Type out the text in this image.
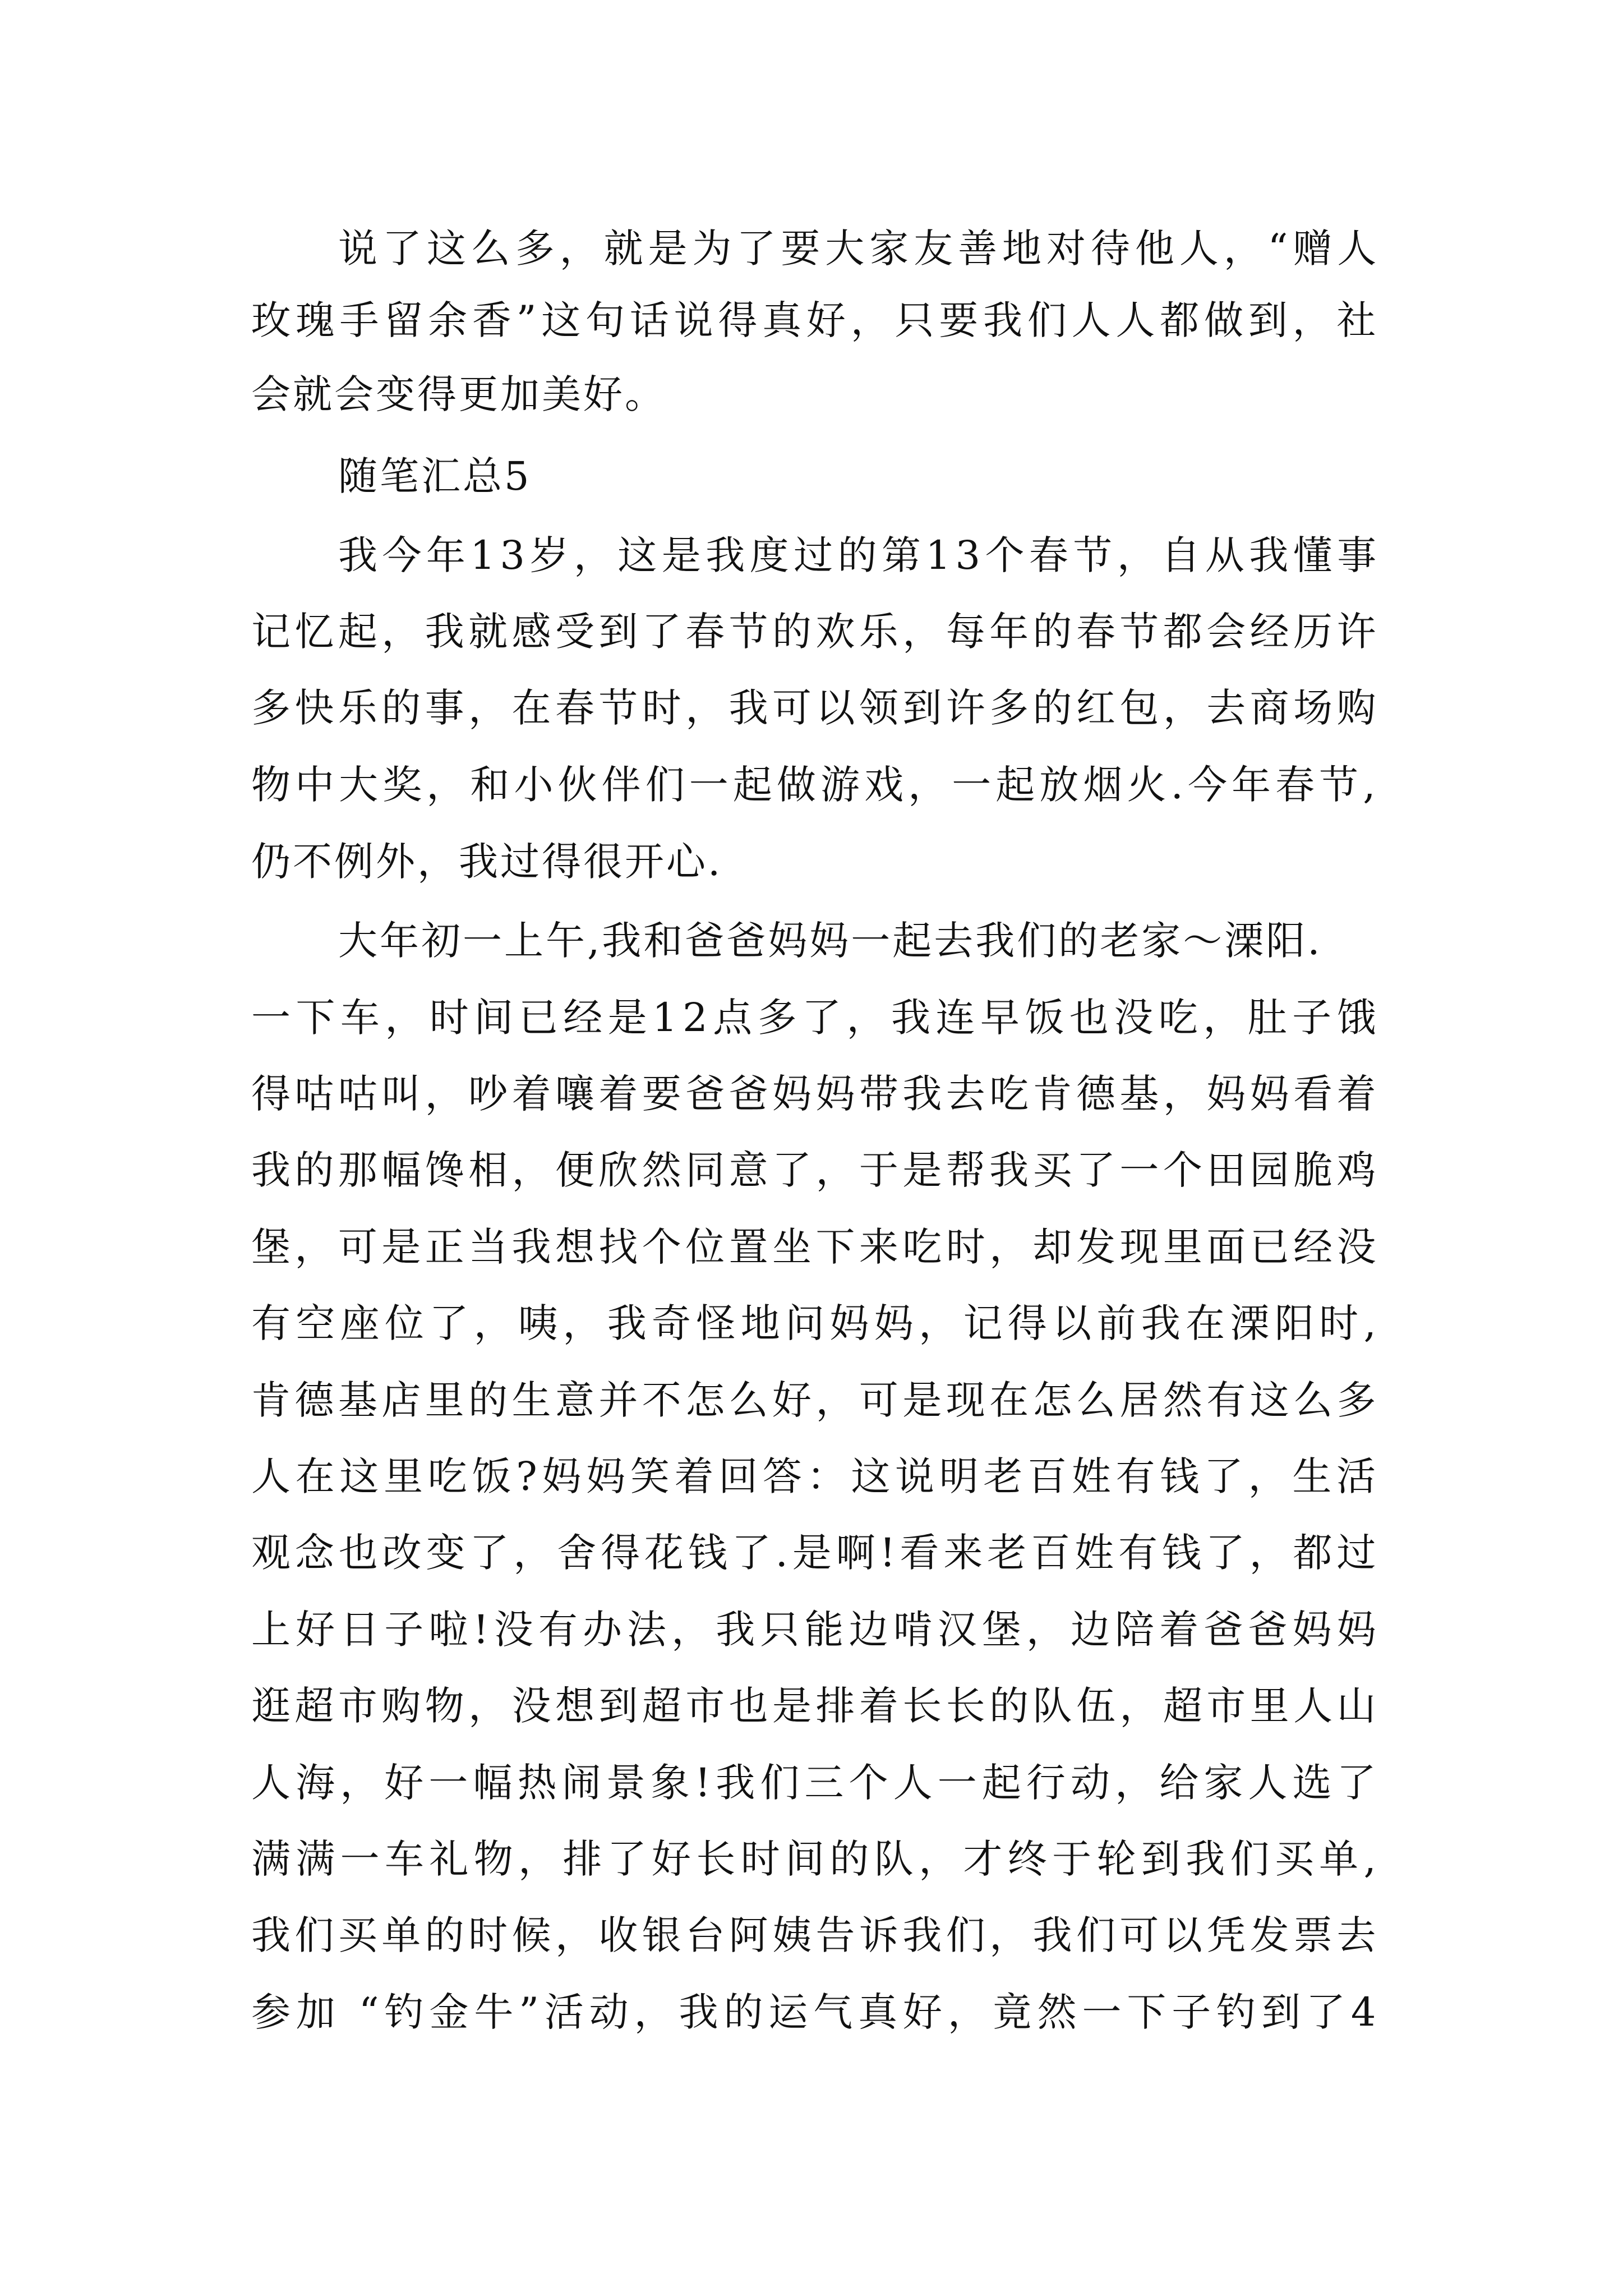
说了这么多，就是为了要大家友善地对待他人，“赠人
玫瑰手留余香”这句话说得真好，只要我们人人都做到，社
会就会变得更加美好。
随笔汇总5
我今年13岁，这是我度过的第13个春节，自从我懂事
记忆起，我就感受到了春节的欢乐，每年的春节都会经历许
多快乐的事，在春节时，我可以领到许多的红包，去商场购
物中大奖，和小伙伴们一起做游戏，一起放烟火.今年春节,
仍不例外，我过得很开心.
大年初一上午,我和爸爸妈妈一起去我们的老家～溧阳.
一下车，时间已经是12点多了，我连早饭也没吃，肚子饿
得咕咕叫，吵着嚷着要爸爸妈妈带我去吃肯德基，妈妈看着
我的那幅馋相，便欣然同意了，于是帮我买了一个田园脆鸡
堡，可是正当我想找个位置坐下来吃时，却发现里面已经没
有空座位了，咦，我奇怪地问妈妈，记得以前我在溧阳时,
肯德基店里的生意并不怎么好，可是现在怎么居然有这么多
人在这里吃饭?妈妈笑着回答：这说明老百姓有钱了，生活
观念也改变了，舍得花钱了.是啊!看来老百姓有钱了，都过
上好日子啦!没有办法，我只能边啃汉堡，边陪着爸爸妈妈
逛超市购物，没想到超市也是排着长长的队伍，超市里人山
人海，好一幅热闹景象!我们三个人一起行动，给家人选了
满满一车礼物，排了好长时间的队，才终于轮到我们买单,
我们买单的时候，收银台阿姨告诉我们，我们可以凭发票去
参加 “钓金牛”活动，我的运气真好，竟然一下子钓到了4
